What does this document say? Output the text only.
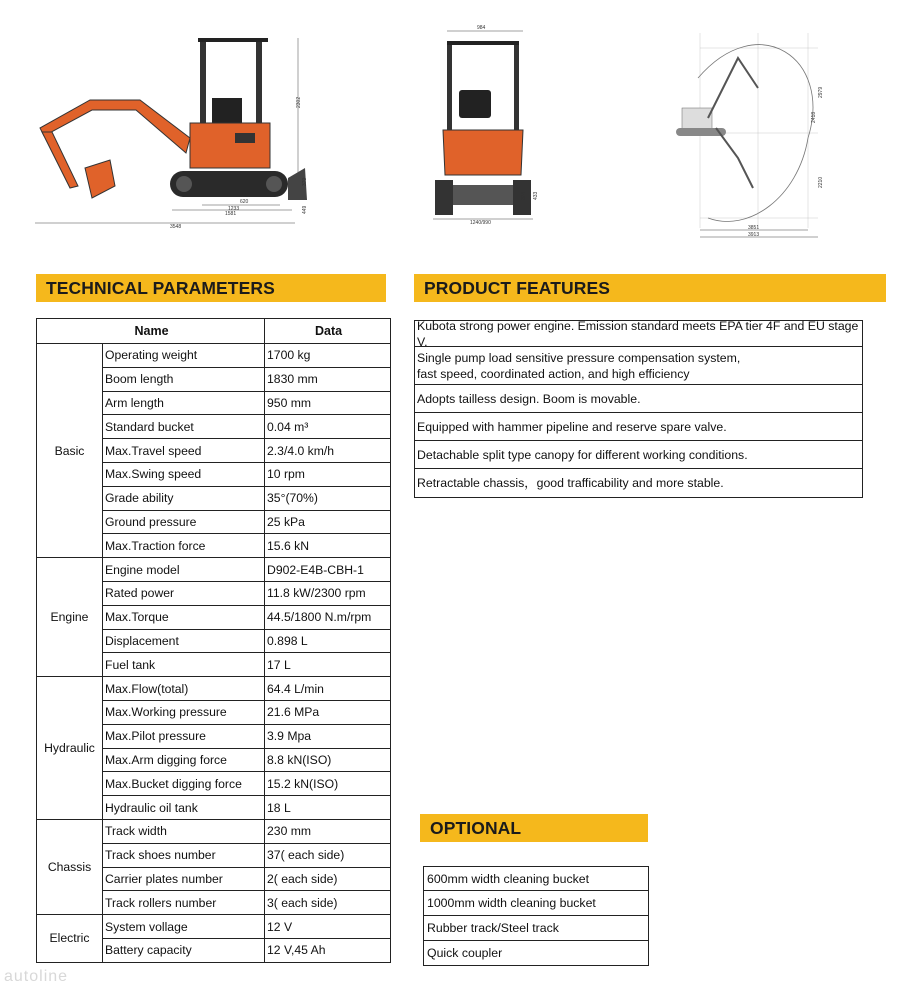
3548
1581
1233
620
2302
449
370
984
1240/990
374 433
3851
3913
2979
2418
2210
TECHNICAL PARAMETERS	PRODUCT FEATURES
OPTIONAL
Name		Data
Basic	Operating weight	1700 kg
	Boom length	1830 mm
	Arm length	950 mm
	Standard bucket	0.04 m³
	Max.Travel speed	2.3/4.0 km/h
	Max.Swing speed	10 rpm
	Grade ability	35°(70%)
	Ground pressure	25 kPa
	Max.Traction force	15.6 kN
Engine	Engine model	D902-E4B-CBH-1
	Rated power	11.8 kW/2300 rpm
	Max.Torque	44.5/1800 N.m/rpm
	Displacement	0.898 L
	Fuel tank	17 L
Hydraulic	Max.Flow(total)	64.4 L/min
	Max.Working pressure	21.6 MPa
	Max.Pilot pressure	3.9 Mpa
	Max.Arm digging force	8.8 kN(ISO)
	Max.Bucket digging force	15.2 kN(ISO)
	Hydraulic oil tank	18 L
Chassis	Track width	230 mm
	Track shoes number	37( each side)
	Carrier plates number	2( each side)
	Track rollers number	3( each side)
Electric	System vollage	12 V
	Battery capacity	12 V,45 Ah
Kubota strong power engine. Emission standard meets EPA tier 4F and EU stage V.
Single pump load sensitive pressure compensation system,
fast speed, coordinated action, and high efficiency
Adopts tailless design. Boom is movable.
Equipped with hammer pipeline and reserve spare valve.
Detachable split type canopy for different working conditions.
Retractable chassis，good trafficability and more stable.
600mm width cleaning bucket
1000mm width cleaning bucket
Rubber track/Steel track
Quick coupler
autoline
